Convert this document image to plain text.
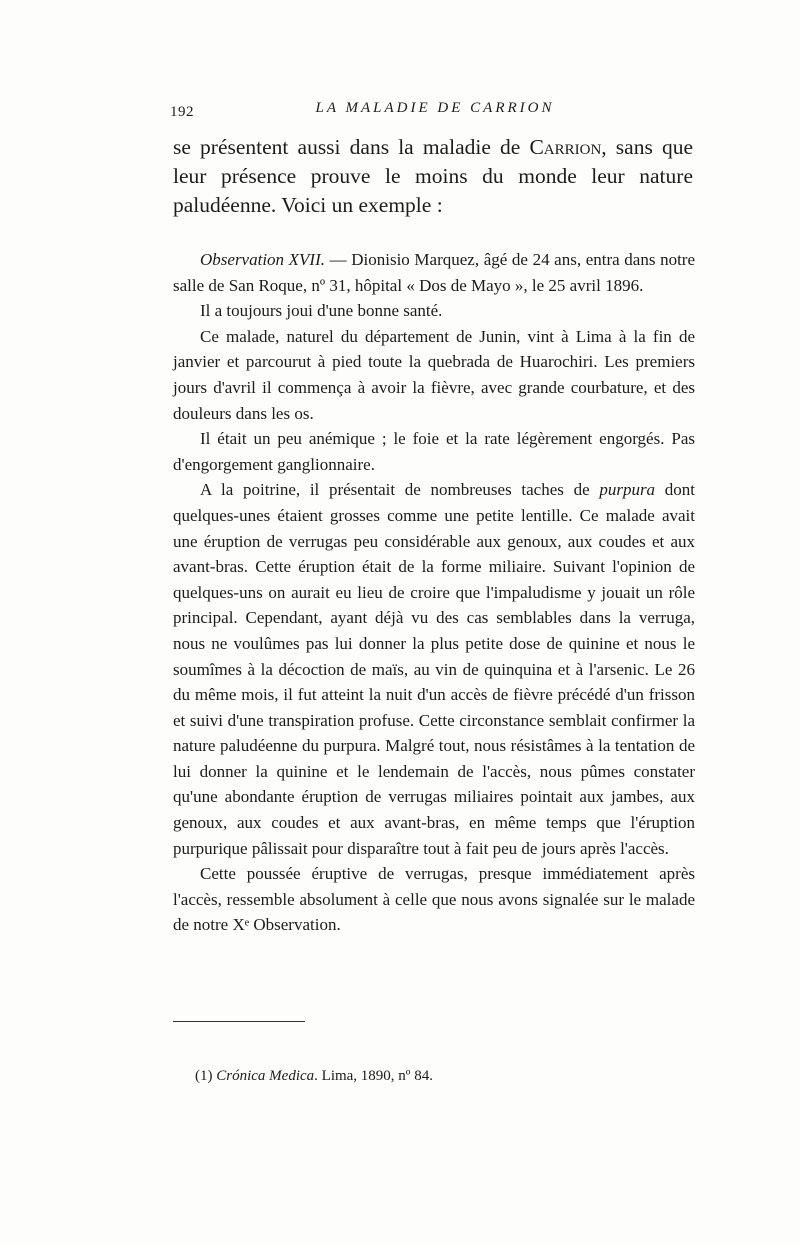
192	LA MALADIE DE CARRION

se présentent aussi dans la maladie de Carrion, sans que leur présence prouve le moins du monde leur nature paludéenne. Voici un exemple :

Observation XVII. — Dionisio Marquez, âgé de 24 ans, entra dans notre salle de San Roque, nº 31, hôpital « Dos de Mayo », le 25 avril 1896.

Il a toujours joui d'une bonne santé.

Ce malade, naturel du département de Junin, vint à Lima à la fin de janvier et parcourut à pied toute la quebrada de Huarochiri. Les premiers jours d'avril il commença à avoir la fièvre, avec grande courbature, et des douleurs dans les os.

Il était un peu anémique ; le foie et la rate légèrement engorgés. Pas d'engorgement ganglionnaire.

A la poitrine, il présentait de nombreuses taches de purpura dont quelques-unes étaient grosses comme une petite lentille. Ce malade avait une éruption de verrugas peu considérable aux genoux, aux coudes et aux avant-bras. Cette éruption était de la forme miliaire. Suivant l'opinion de quelques-uns on aurait eu lieu de croire que l'impaludisme y jouait un rôle principal. Cependant, ayant déjà vu des cas semblables dans la verruga, nous ne voulûmes pas lui donner la plus petite dose de quinine et nous le soumîmes à la décoction de maïs, au vin de quinquina et à l'arsenic. Le 26 du même mois, il fut atteint la nuit d'un accès de fièvre précédé d'un frisson et suivi d'une transpiration profuse. Cette circonstance semblait confirmer la nature paludéenne du purpura. Malgré tout, nous résistâmes à la tentation de lui donner la quinine et le lendemain de l'accès, nous pûmes constater qu'une abondante éruption de verrugas miliaires pointait aux jambes, aux genoux, aux coudes et aux avant-bras, en même temps que l'éruption purpurique pâlissait pour disparaître tout à fait peu de jours après l'accès.

Cette poussée éruptive de verrugas, presque immédiatement après l'accès, ressemble absolument à celle que nous avons signalée sur le malade de notre Xᵉ Observation.

(1) Crónica Medica. Lima, 1890, nº 84.
